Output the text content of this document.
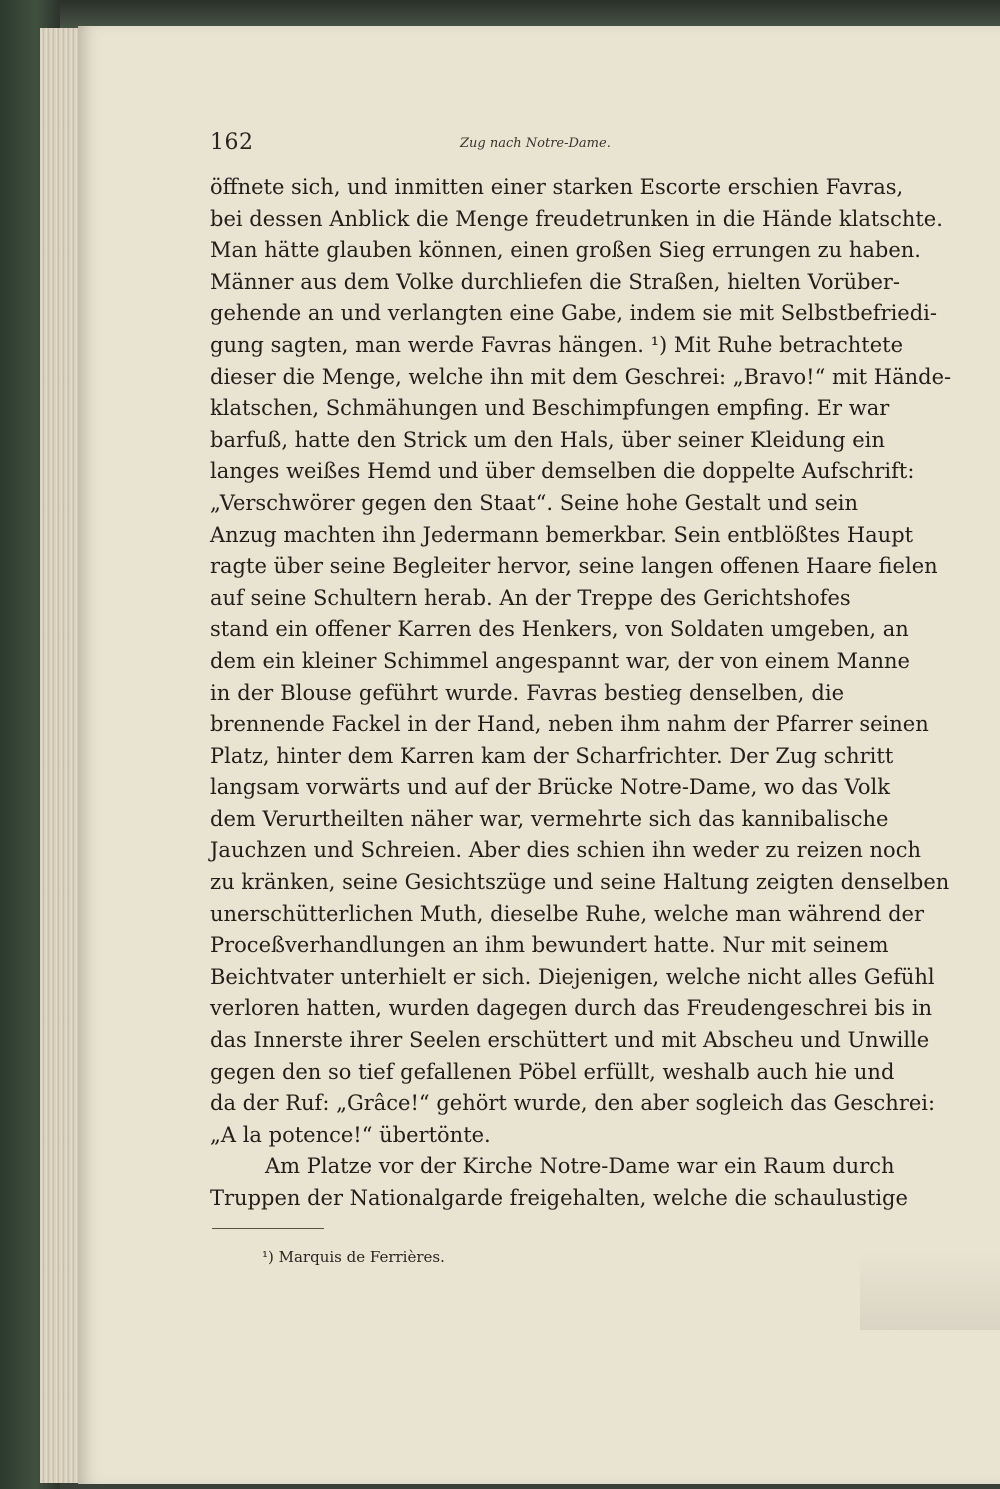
162	Zug nach Notre-Dame.
öffnete sich, und inmitten einer starken Escorte erschien Favras,
bei dessen Anblick die Menge freudetrunken in die Hände klatschte.
Man hätte glauben können, einen großen Sieg errungen zu haben.
Männer aus dem Volke durchliefen die Straßen, hielten Vorüber-
gehende an und verlangten eine Gabe, indem sie mit Selbstbefriedi-
gung sagten, man werde Favras hängen. ¹) Mit Ruhe betrachtete
dieser die Menge, welche ihn mit dem Geschrei: „Bravo!“ mit Hände-
klatschen, Schmähungen und Beschimpfungen empfing. Er war
barfuß, hatte den Strick um den Hals, über seiner Kleidung ein
langes weißes Hemd und über demselben die doppelte Aufschrift:
„Verschwörer gegen den Staat“. Seine hohe Gestalt und sein
Anzug machten ihn Jedermann bemerkbar. Sein entblößtes Haupt
ragte über seine Begleiter hervor, seine langen offenen Haare fielen
auf seine Schultern herab. An der Treppe des Gerichtshofes
stand ein offener Karren des Henkers, von Soldaten umgeben, an
dem ein kleiner Schimmel angespannt war, der von einem Manne
in der Blouse geführt wurde. Favras bestieg denselben, die
brennende Fackel in der Hand, neben ihm nahm der Pfarrer seinen
Platz, hinter dem Karren kam der Scharfrichter. Der Zug schritt
langsam vorwärts und auf der Brücke Notre-Dame, wo das Volk
dem Verurtheilten näher war, vermehrte sich das kannibalische
Jauchzen und Schreien. Aber dies schien ihn weder zu reizen noch
zu kränken, seine Gesichtszüge und seine Haltung zeigten denselben
unerschütterlichen Muth, dieselbe Ruhe, welche man während der
Proceßverhandlungen an ihm bewundert hatte. Nur mit seinem
Beichtvater unterhielt er sich. Diejenigen, welche nicht alles Gefühl
verloren hatten, wurden dagegen durch das Freudengeschrei bis in
das Innerste ihrer Seelen erschüttert und mit Abscheu und Unwille
gegen den so tief gefallenen Pöbel erfüllt, weshalb auch hie und
da der Ruf: „Grâce!“ gehört wurde, den aber sogleich das Geschrei:
„A la potence!“ übertönte.
Am Platze vor der Kirche Notre-Dame war ein Raum durch
Truppen der Nationalgarde freigehalten, welche die schaulustige
¹) Marquis de Ferrières.
